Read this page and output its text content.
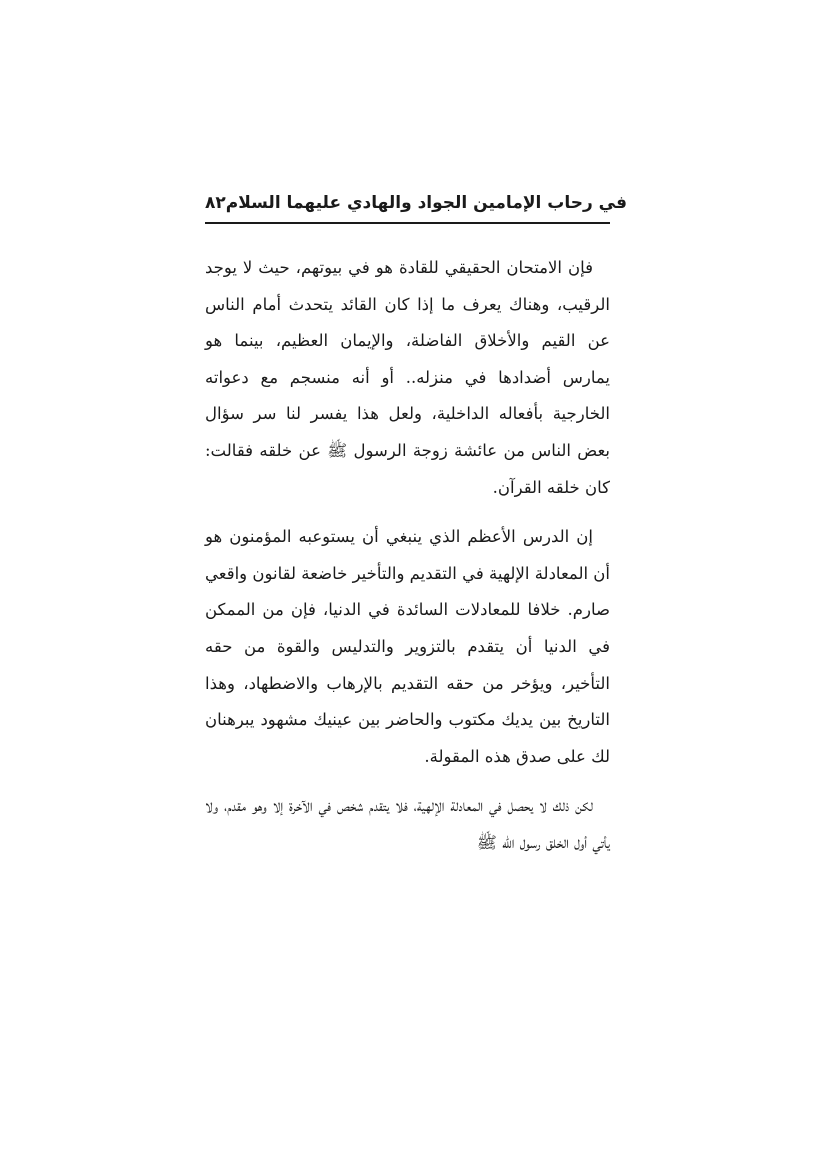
٨٢ في رحاب الإمامين الجواد والهادي عليهما السلام

فإن الامتحان الحقيقي للقادة هو في بيوتهم، حيث لا يوجد الرقيب، وهناك يعرف ما إذا كان القائد يتحدث أمام الناس عن القيم والأخلاق الفاضلة، والإيمان العظيم، بينما هو يمارس أضدادها في منزله.. أو أنه منسجم مع دعواته الخارجية بأفعاله الداخلية، ولعل هذا يفسر لنا سر سؤال بعض الناس من عائشة زوجة الرسول ﷺ عن خلقه فقالت: كان خلقه القرآن.

إن الدرس الأعظم الذي ينبغي أن يستوعبه المؤمنون هو أن المعادلة الإلهية في التقديم والتأخير خاضعة لقانون واقعي صارم. خلافا للمعادلات السائدة في الدنيا، فإن من الممكن في الدنيا أن يتقدم بالتزوير والتدليس والقوة من حقه التأخير، ويؤخر من حقه التقديم بالإرهاب والاضطهاد، وهذا التاريخ بين يديك مكتوب والحاضر بين عينيك مشهود يبرهنان لك على صدق هذه المقولة.

لكن ذلك لا يحصل في المعادلة الإلهية، فلا يتقدم شخص في الآخرة إلا وهو مقدم، ولا يأتي أول الخلق رسول الله ﷺ
